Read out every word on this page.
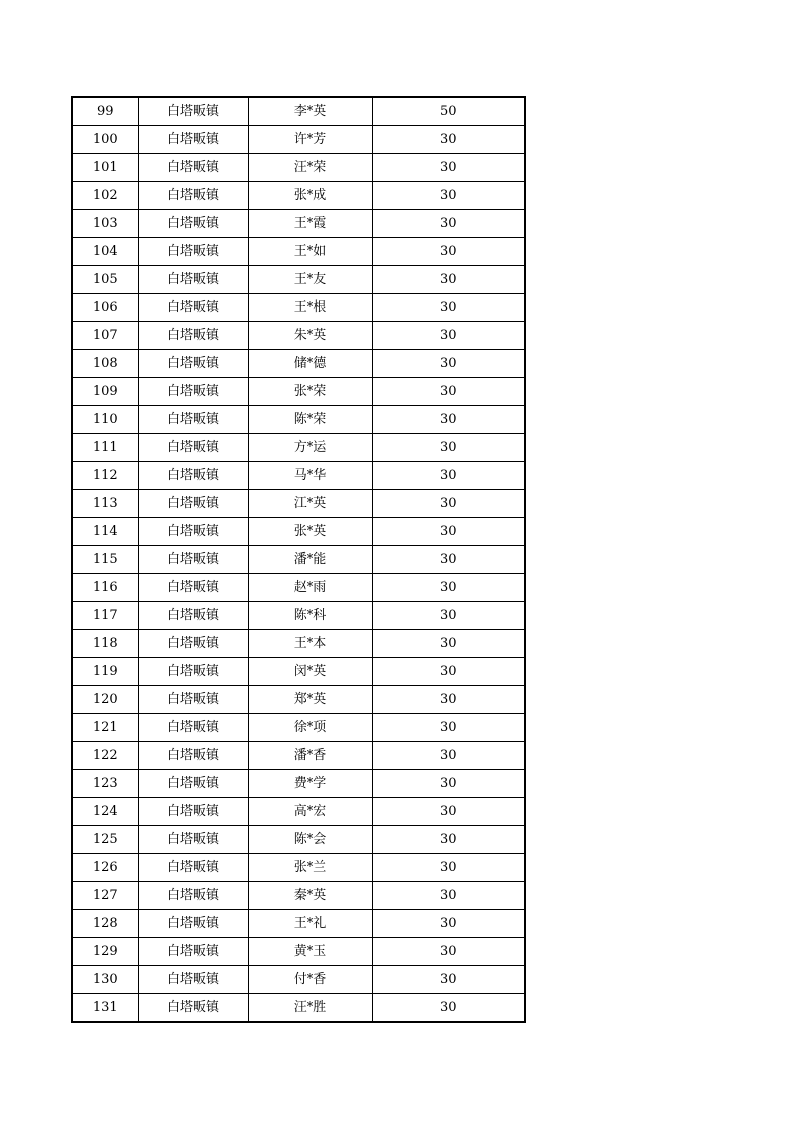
99	白塔畈镇	李*英	50
100	白塔畈镇	许*芳	30
101	白塔畈镇	汪*荣	30
102	白塔畈镇	张*成	30
103	白塔畈镇	王*霞	30
104	白塔畈镇	王*如	30
105	白塔畈镇	王*友	30
106	白塔畈镇	王*根	30
107	白塔畈镇	朱*英	30
108	白塔畈镇	储*德	30
109	白塔畈镇	张*荣	30
110	白塔畈镇	陈*荣	30
111	白塔畈镇	方*运	30
112	白塔畈镇	马*华	30
113	白塔畈镇	江*英	30
114	白塔畈镇	张*英	30
115	白塔畈镇	潘*能	30
116	白塔畈镇	赵*雨	30
117	白塔畈镇	陈*科	30
118	白塔畈镇	王*本	30
119	白塔畈镇	闵*英	30
120	白塔畈镇	郑*英	30
121	白塔畈镇	徐*项	30
122	白塔畈镇	潘*香	30
123	白塔畈镇	费*学	30
124	白塔畈镇	高*宏	30
125	白塔畈镇	陈*会	30
126	白塔畈镇	张*兰	30
127	白塔畈镇	秦*英	30
128	白塔畈镇	王*礼	30
129	白塔畈镇	黄*玉	30
130	白塔畈镇	付*香	30
131	白塔畈镇	汪*胜	30
